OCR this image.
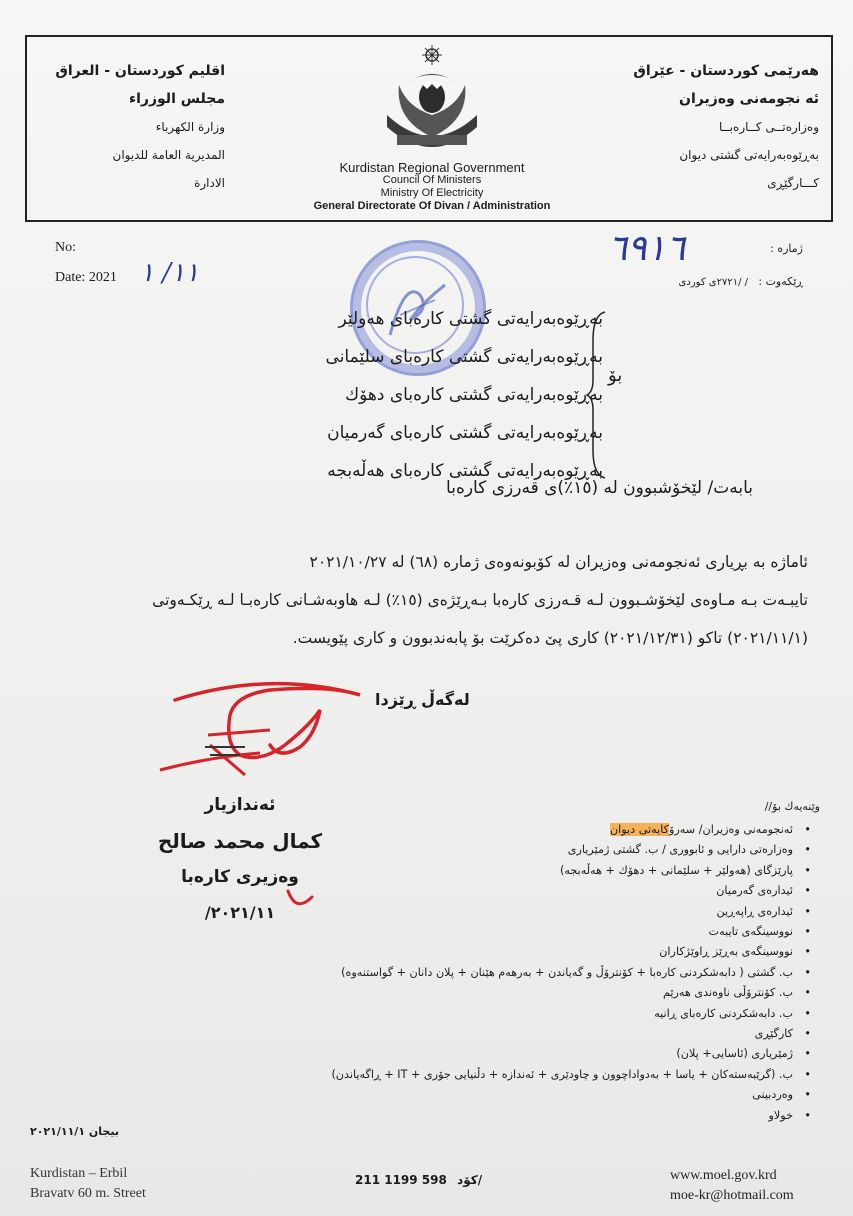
هەرێمی کوردستان - عێراق
ئە نجومەنی وەزیران
وەزارەتــی کــارەبــا
بەڕێوەبەرایەتی گشتی دیوان
کـــارگێڕی
Kurdistan Regional Government
Council Of Ministers
Ministry Of Electricity
General Directorate Of Divan / Administration
اقليم كوردستان - العراق
مجلس الوزراء
وزارة الكهرباء
المديرية العامة للديوان
الادارة
No:
Date: 2021 ١١/ ١
ژماره :
٦٩١٦
ڕێکەوت :
/ /٢٧٢١ی کوردی
بەڕێوەبەرایەتی گشتی کارەبای هەولێر
بەڕێوەبەرایەتی گشتی کارەبای سلێمانی
بەڕێوەبەرایەتی گشتی کارەبای دهۆك
بەڕێوەبەرایەتی گشتی کارەبای گەرمیان
بەڕێوەبەرایەتی گشتی کارەبای هەڵەبجە
بۆ
بابەت/ لێخۆشبوون لە (١٥٪)ی قەرزی کارەبا
ئاماژە بە بڕیاری ئەنجومەنی وەزیران لە کۆبونەوەی ژمارە (٦٨) لە ٢٠٢١/١٠/٢٧
تایبـەت بـە مـاوەی لێخۆشـبوون لـە قـەرزی کارەبا بـەڕێژەی (١٥٪) لـە هاوبەشـانی کارەبـا لـە ڕێکـەوتی
(٢٠٢١/١١/١) تاکو (٢٠٢١/١٢/٣١) کاری پێ دەکرێت بۆ پابەندبوون و کاری پێویست.
لەگەڵ ڕێزدا
ئەندازیار
کمال محمد صالح
وەزیری کارەبا
٢٠٢١/١١/
وێنەیەك بۆ//
ئەنجومەنی وەزیران/ سەرۆکایەتی دیوان •
وەزارەتی دارایی و ئابووری / ب. گشتی ژمێریاری •
پارێزگای (هەولێر + سلێمانی + دهۆك + هەڵەبجە) •
ئیدارەی گەرمیان •
ئیدارەی ڕاپەڕین •
نووسینگەی تایبەت •
نووسینگەی بەڕێز ڕاوێژکاران •
ب. گشتی ( دابەشکردنی کارەبا + کۆنترۆڵ و گەیاندن + بەرهەم هێنان + پلان دانان + گواستنەوە) •
ب. کۆنترۆڵی ناوەندی هەرێم •
ب. دابەشکردنی کارەبای ڕانیە •
کارگێڕی •
ژمێریاری (ئاسایی+ پلان) •
ب. (گرێبەستەکان + یاسا + بەدواداچوون و چاودێری + ئەندازە + دڵنیایی جۆری + IT + ڕاگەیاندن) •
وەردبینی •
خولاو •
بیجان ٢٠٢١/١١/١
Kurdistan – Erbil
Bravatv 60 m. Street
211 1199 598 کۆد/	www.moel.gov.krd
moe-kr@hotmail.com
